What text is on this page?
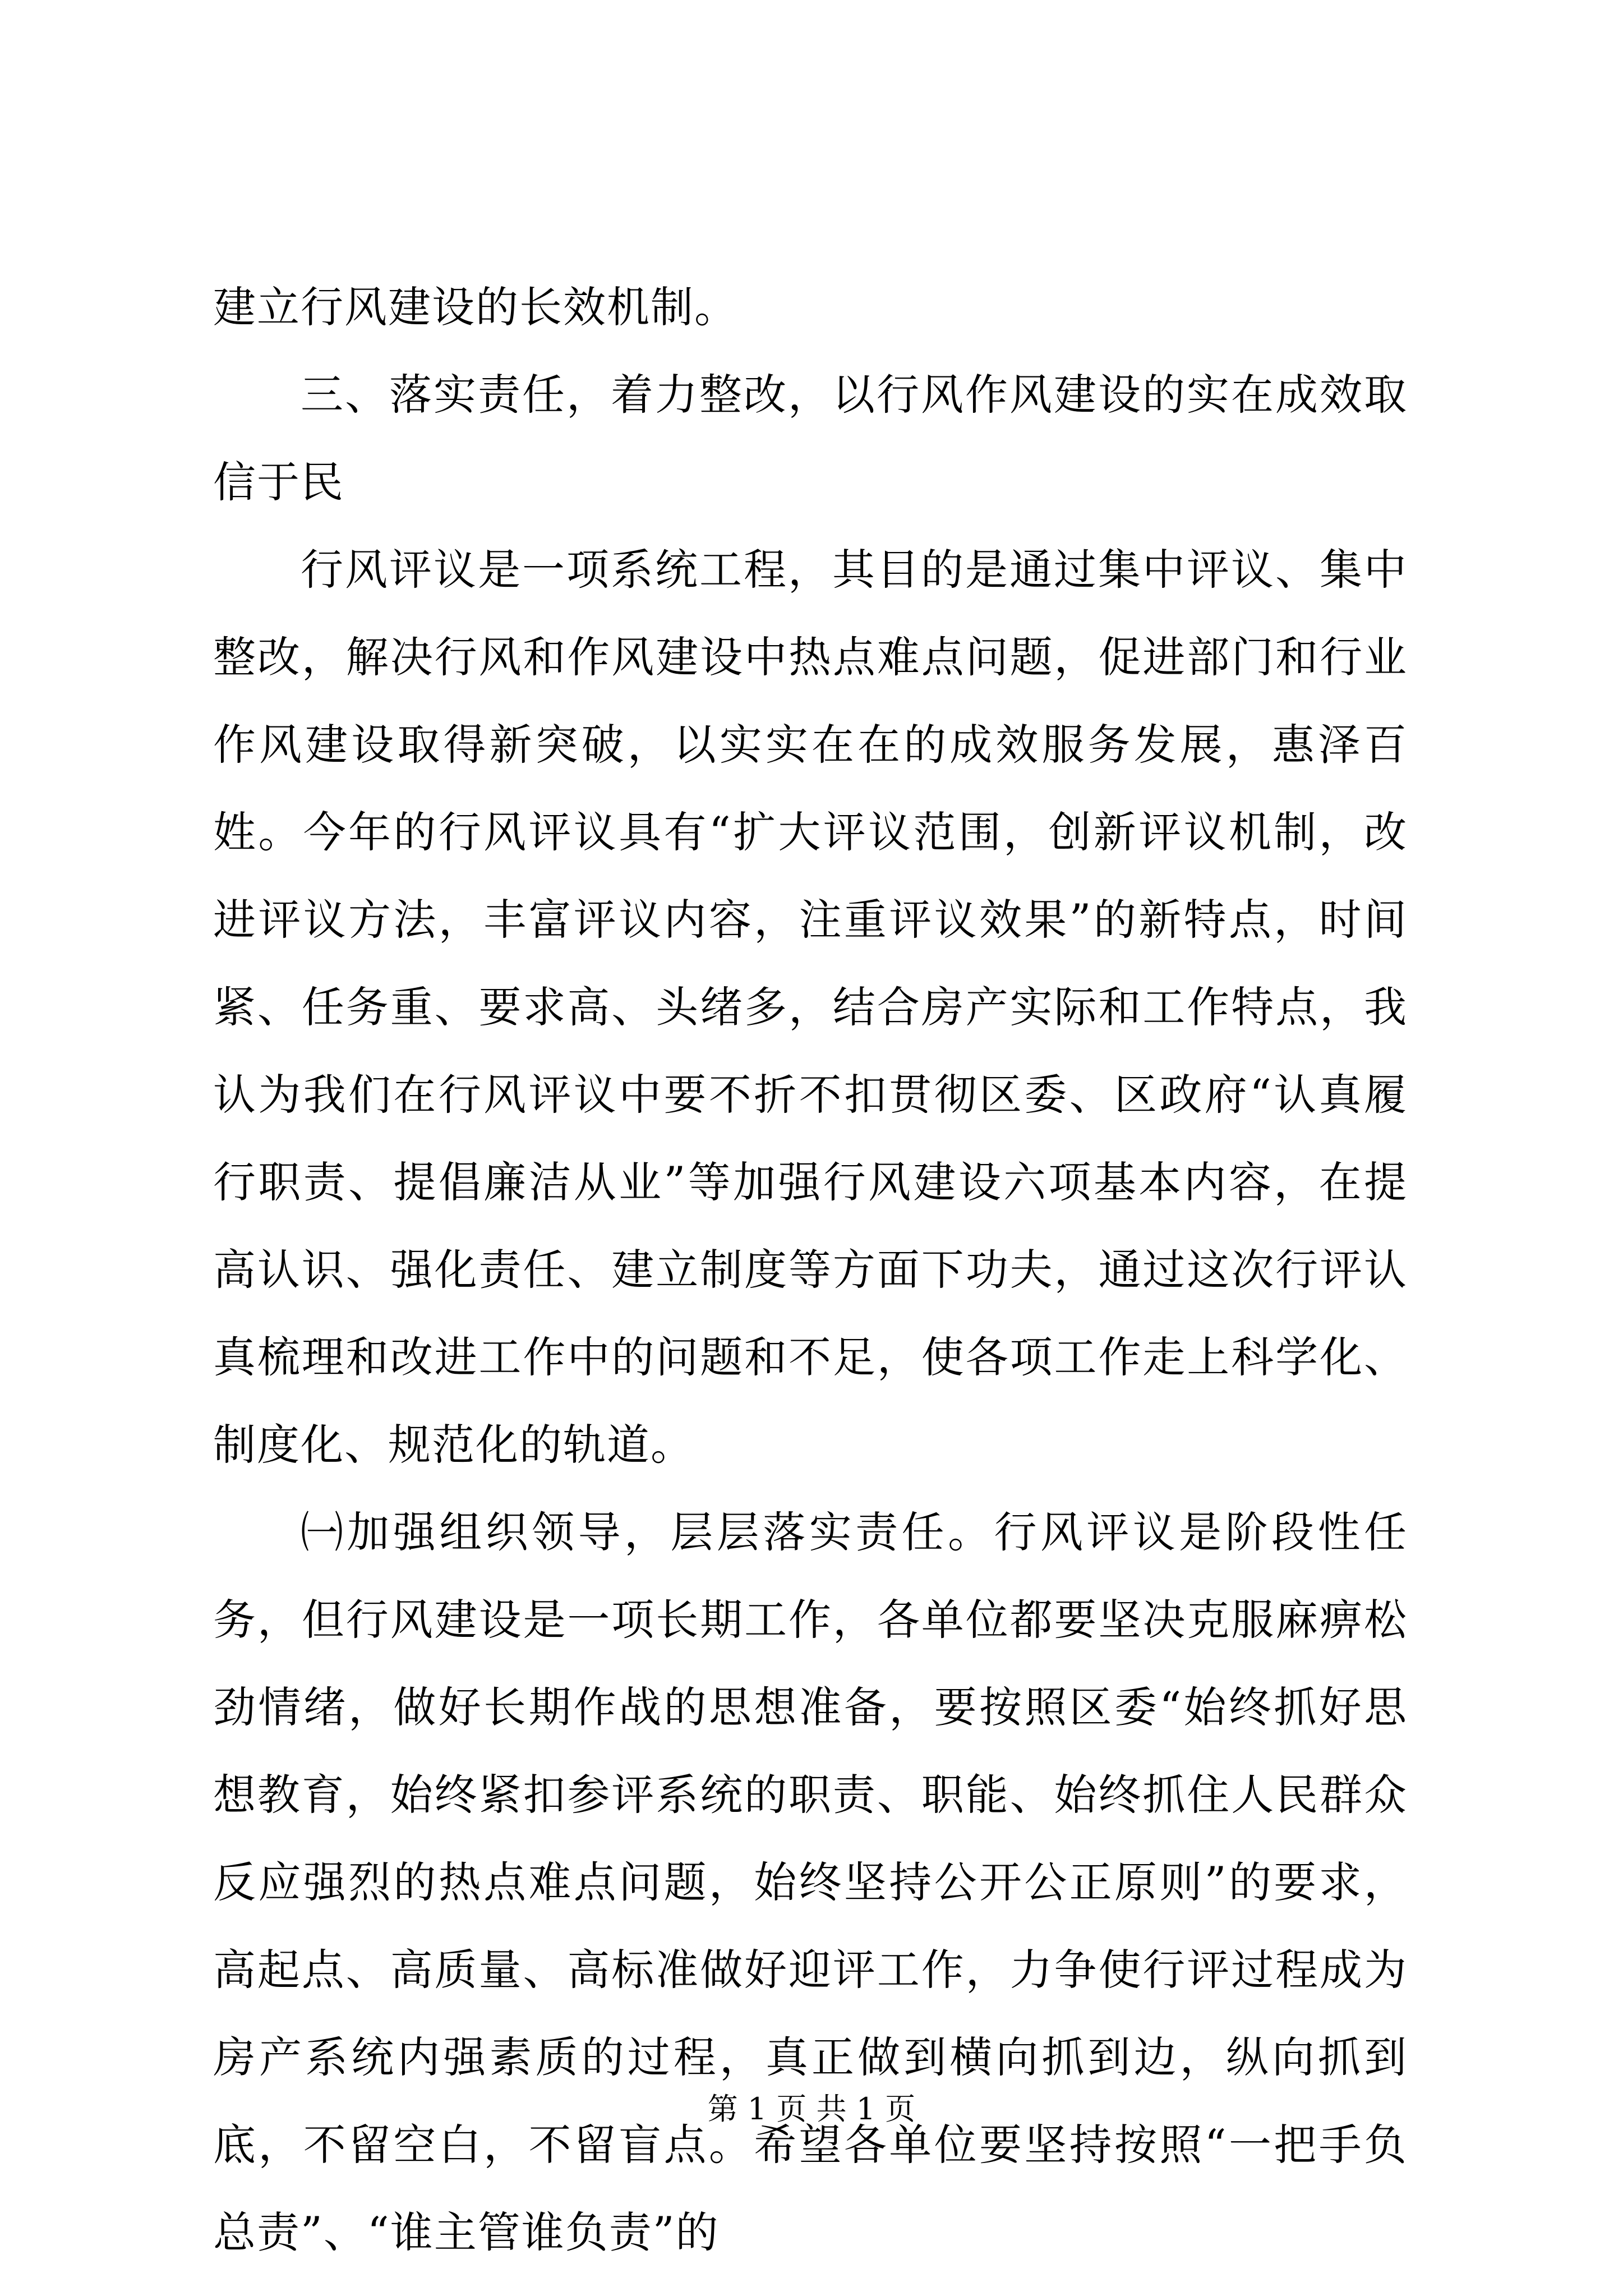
建立行风建设的长效机制。

三、落实责任，着力整改，以行风作风建设的实在成效取信于民

行风评议是一项系统工程，其目的是通过集中评议、集中整改，解决行风和作风建设中热点难点问题，促进部门和行业作风建设取得新突破，以实实在在的成效服务发展，惠泽百姓。今年的行风评议具有“扩大评议范围，创新评议机制，改进评议方法，丰富评议内容，注重评议效果”的新特点，时间紧、任务重、要求高、头绪多，结合房产实际和工作特点，我认为我们在行风评议中要不折不扣贯彻区委、区政府“认真履行职责、提倡廉洁从业”等加强行风建设六项基本内容，在提高认识、强化责任、建立制度等方面下功夫，通过这次行评认真梳理和改进工作中的问题和不足，使各项工作走上科学化、制度化、规范化的轨道。

㈠加强组织领导，层层落实责任。行风评议是阶段性任务，但行风建设是一项长期工作，各单位都要坚决克服麻痹松劲情绪，做好长期作战的思想准备，要按照区委“始终抓好思想教育，始终紧扣参评系统的职责、职能、始终抓住人民群众反应强烈的热点难点问题，始终坚持公开公正原则”的要求，高起点、高质量、高标准做好迎评工作，力争使行评过程成为房产系统内强素质的过程，真正做到横向抓到边，纵向抓到底，不留空白，不留盲点。希望各单位要坚持按照“一把手负总责”、“谁主管谁负责”的

第 1 页 共 1 页
